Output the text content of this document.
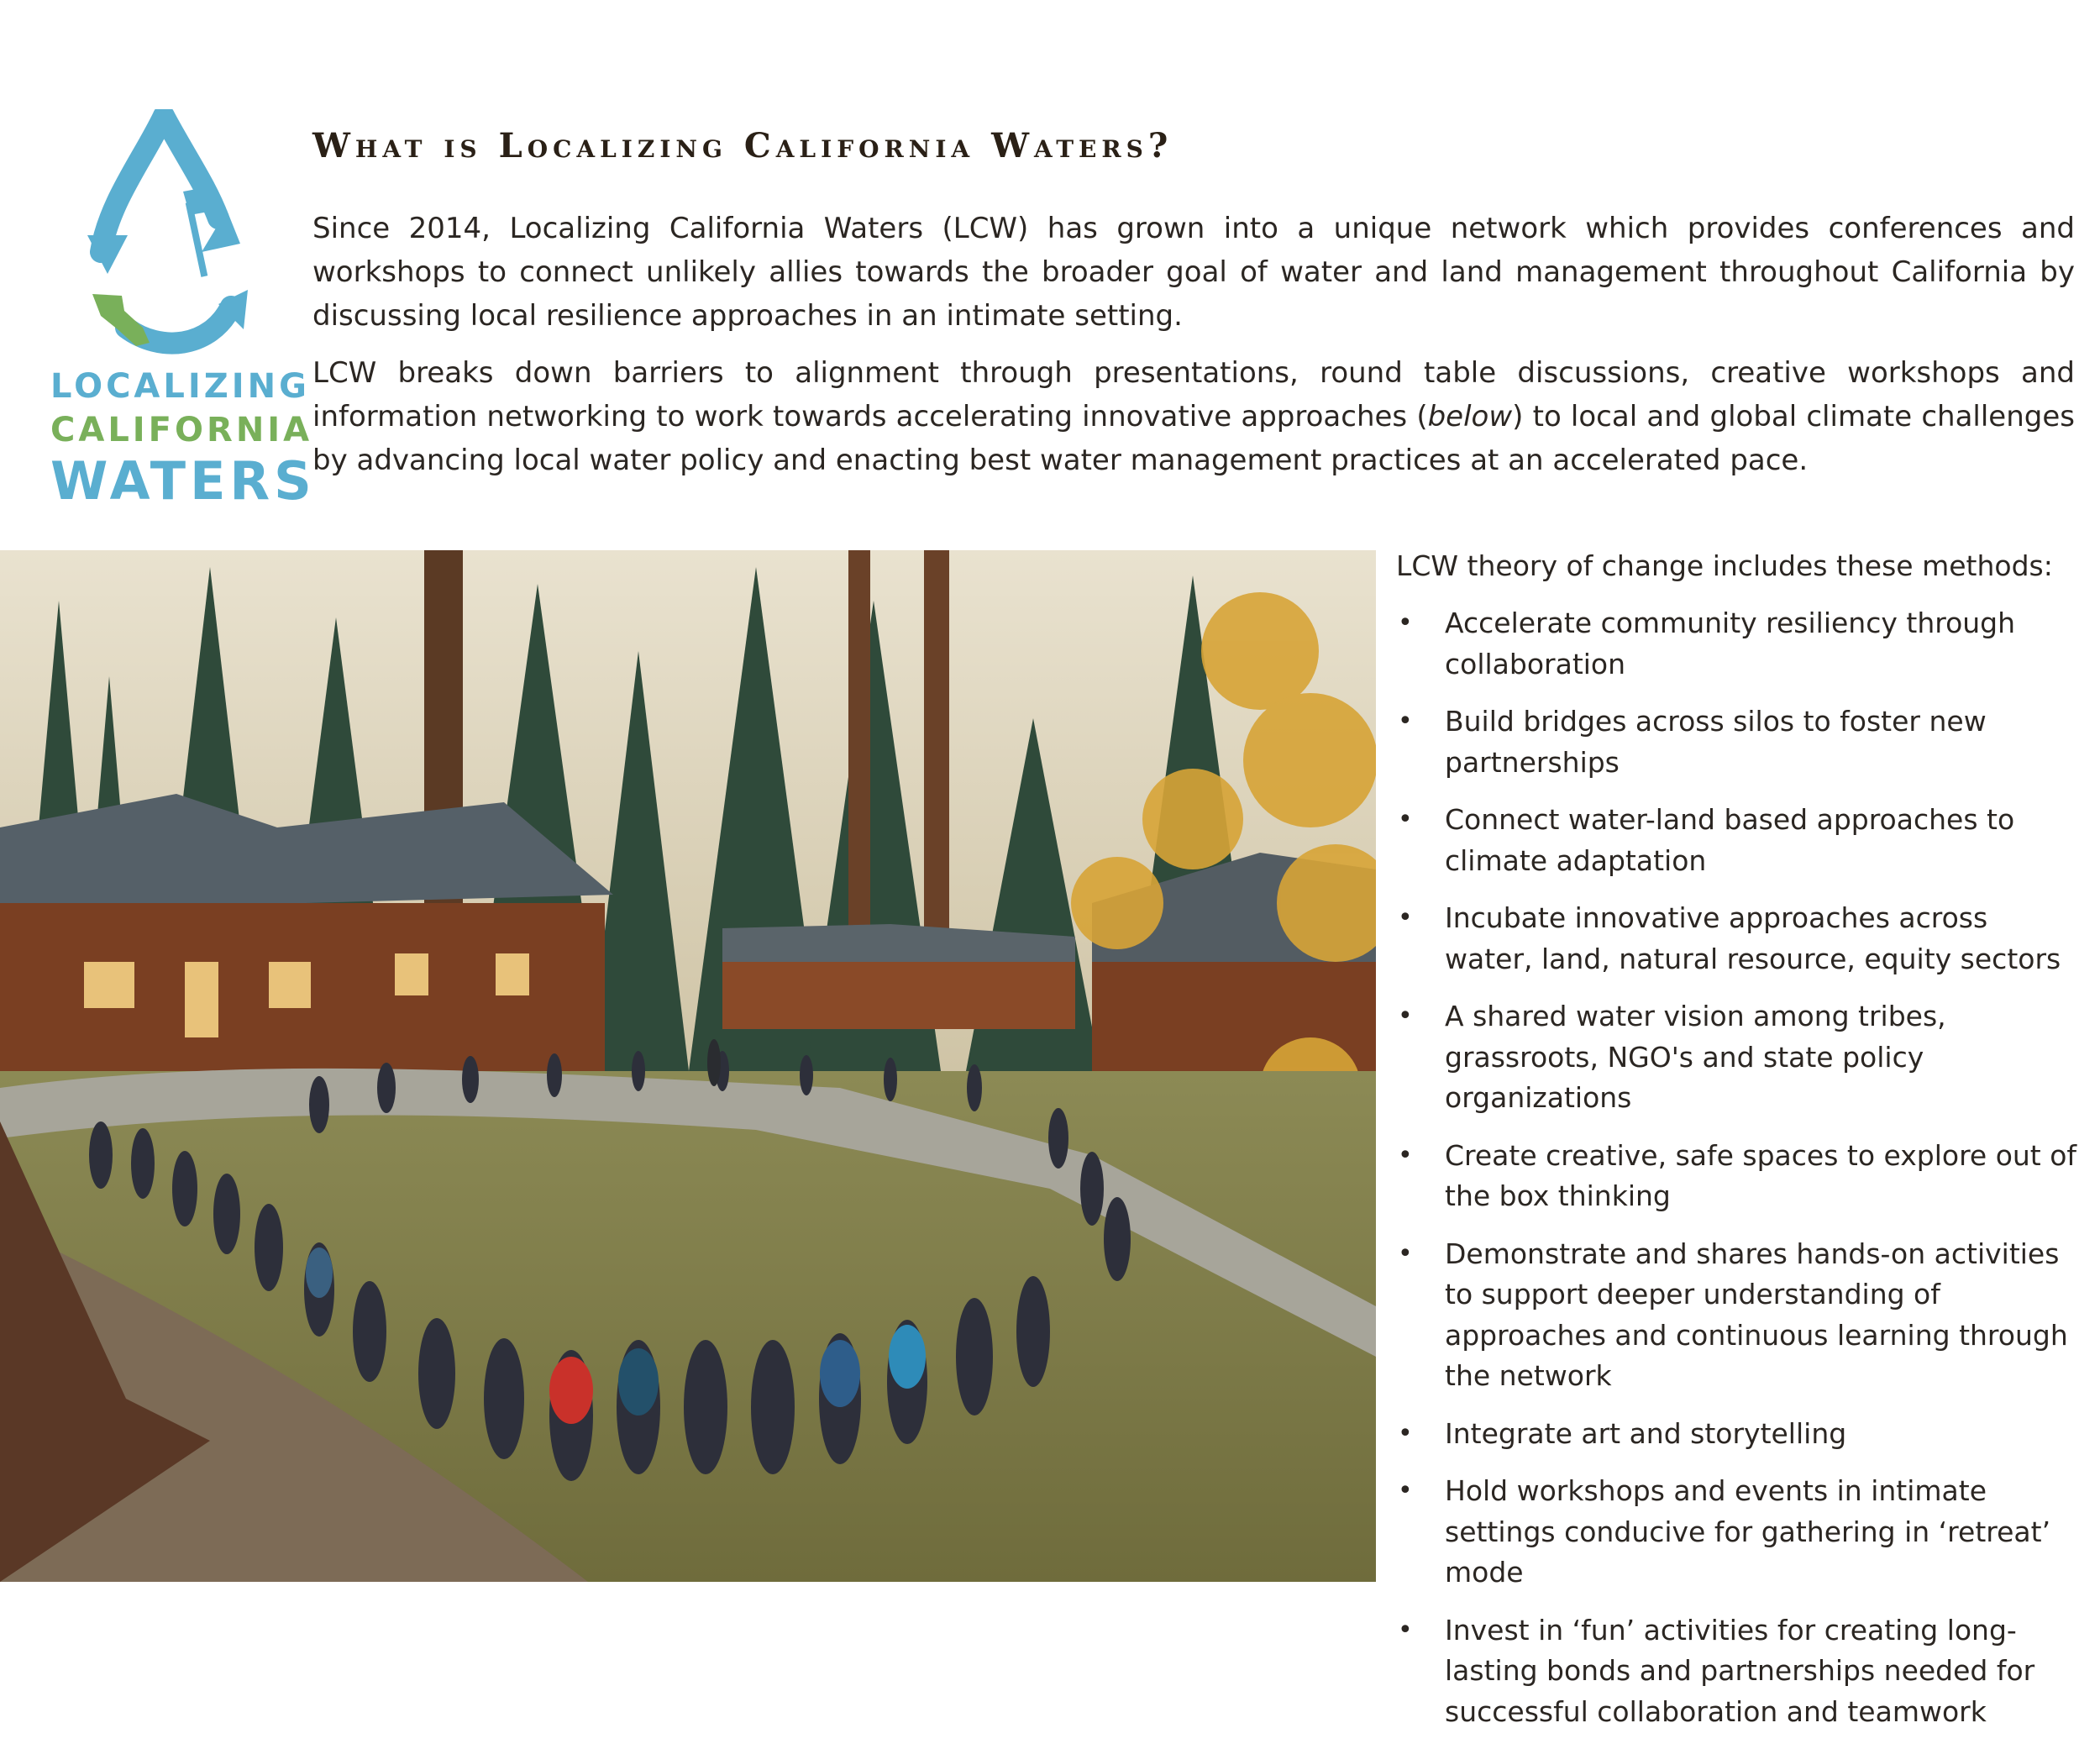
LOCALIZING
CALIFORNIA
WATERS
What is Localizing California Waters?

Since 2014, Localizing California Waters (LCW) has grown into a unique network which provides conferences and workshops to connect unlikely allies towards the broader goal of water and land management throughout California by discussing local resilience approaches in an intimate setting.

LCW breaks down barriers to alignment through presentations, round table discussions, creative workshops and information networking to work towards accelerating innovative approaches (below) to local and global climate challenges by advancing local water policy and enacting best water management practices at an accelerated pace.

LCW theory of change includes these methods:

• Accelerate community resiliency through collaboration
• Build bridges across silos to foster new partnerships
• Connect water-land based approaches to climate adaptation
• Incubate innovative approaches across water, land, natural resource, equity sectors
• A shared water vision among tribes, grassroots, NGO's and state policy organizations
• Create creative, safe spaces to explore out of the box thinking
• Demonstrate and shares hands-on activities to support deeper understanding of approaches and continuous learning through the network
• Integrate art and storytelling
• Hold workshops and events in intimate settings conducive for gathering in ‘retreat’ mode
• Invest in ‘fun’ activities for creating long-lasting bonds and partnerships needed for successful collaboration and teamwork
